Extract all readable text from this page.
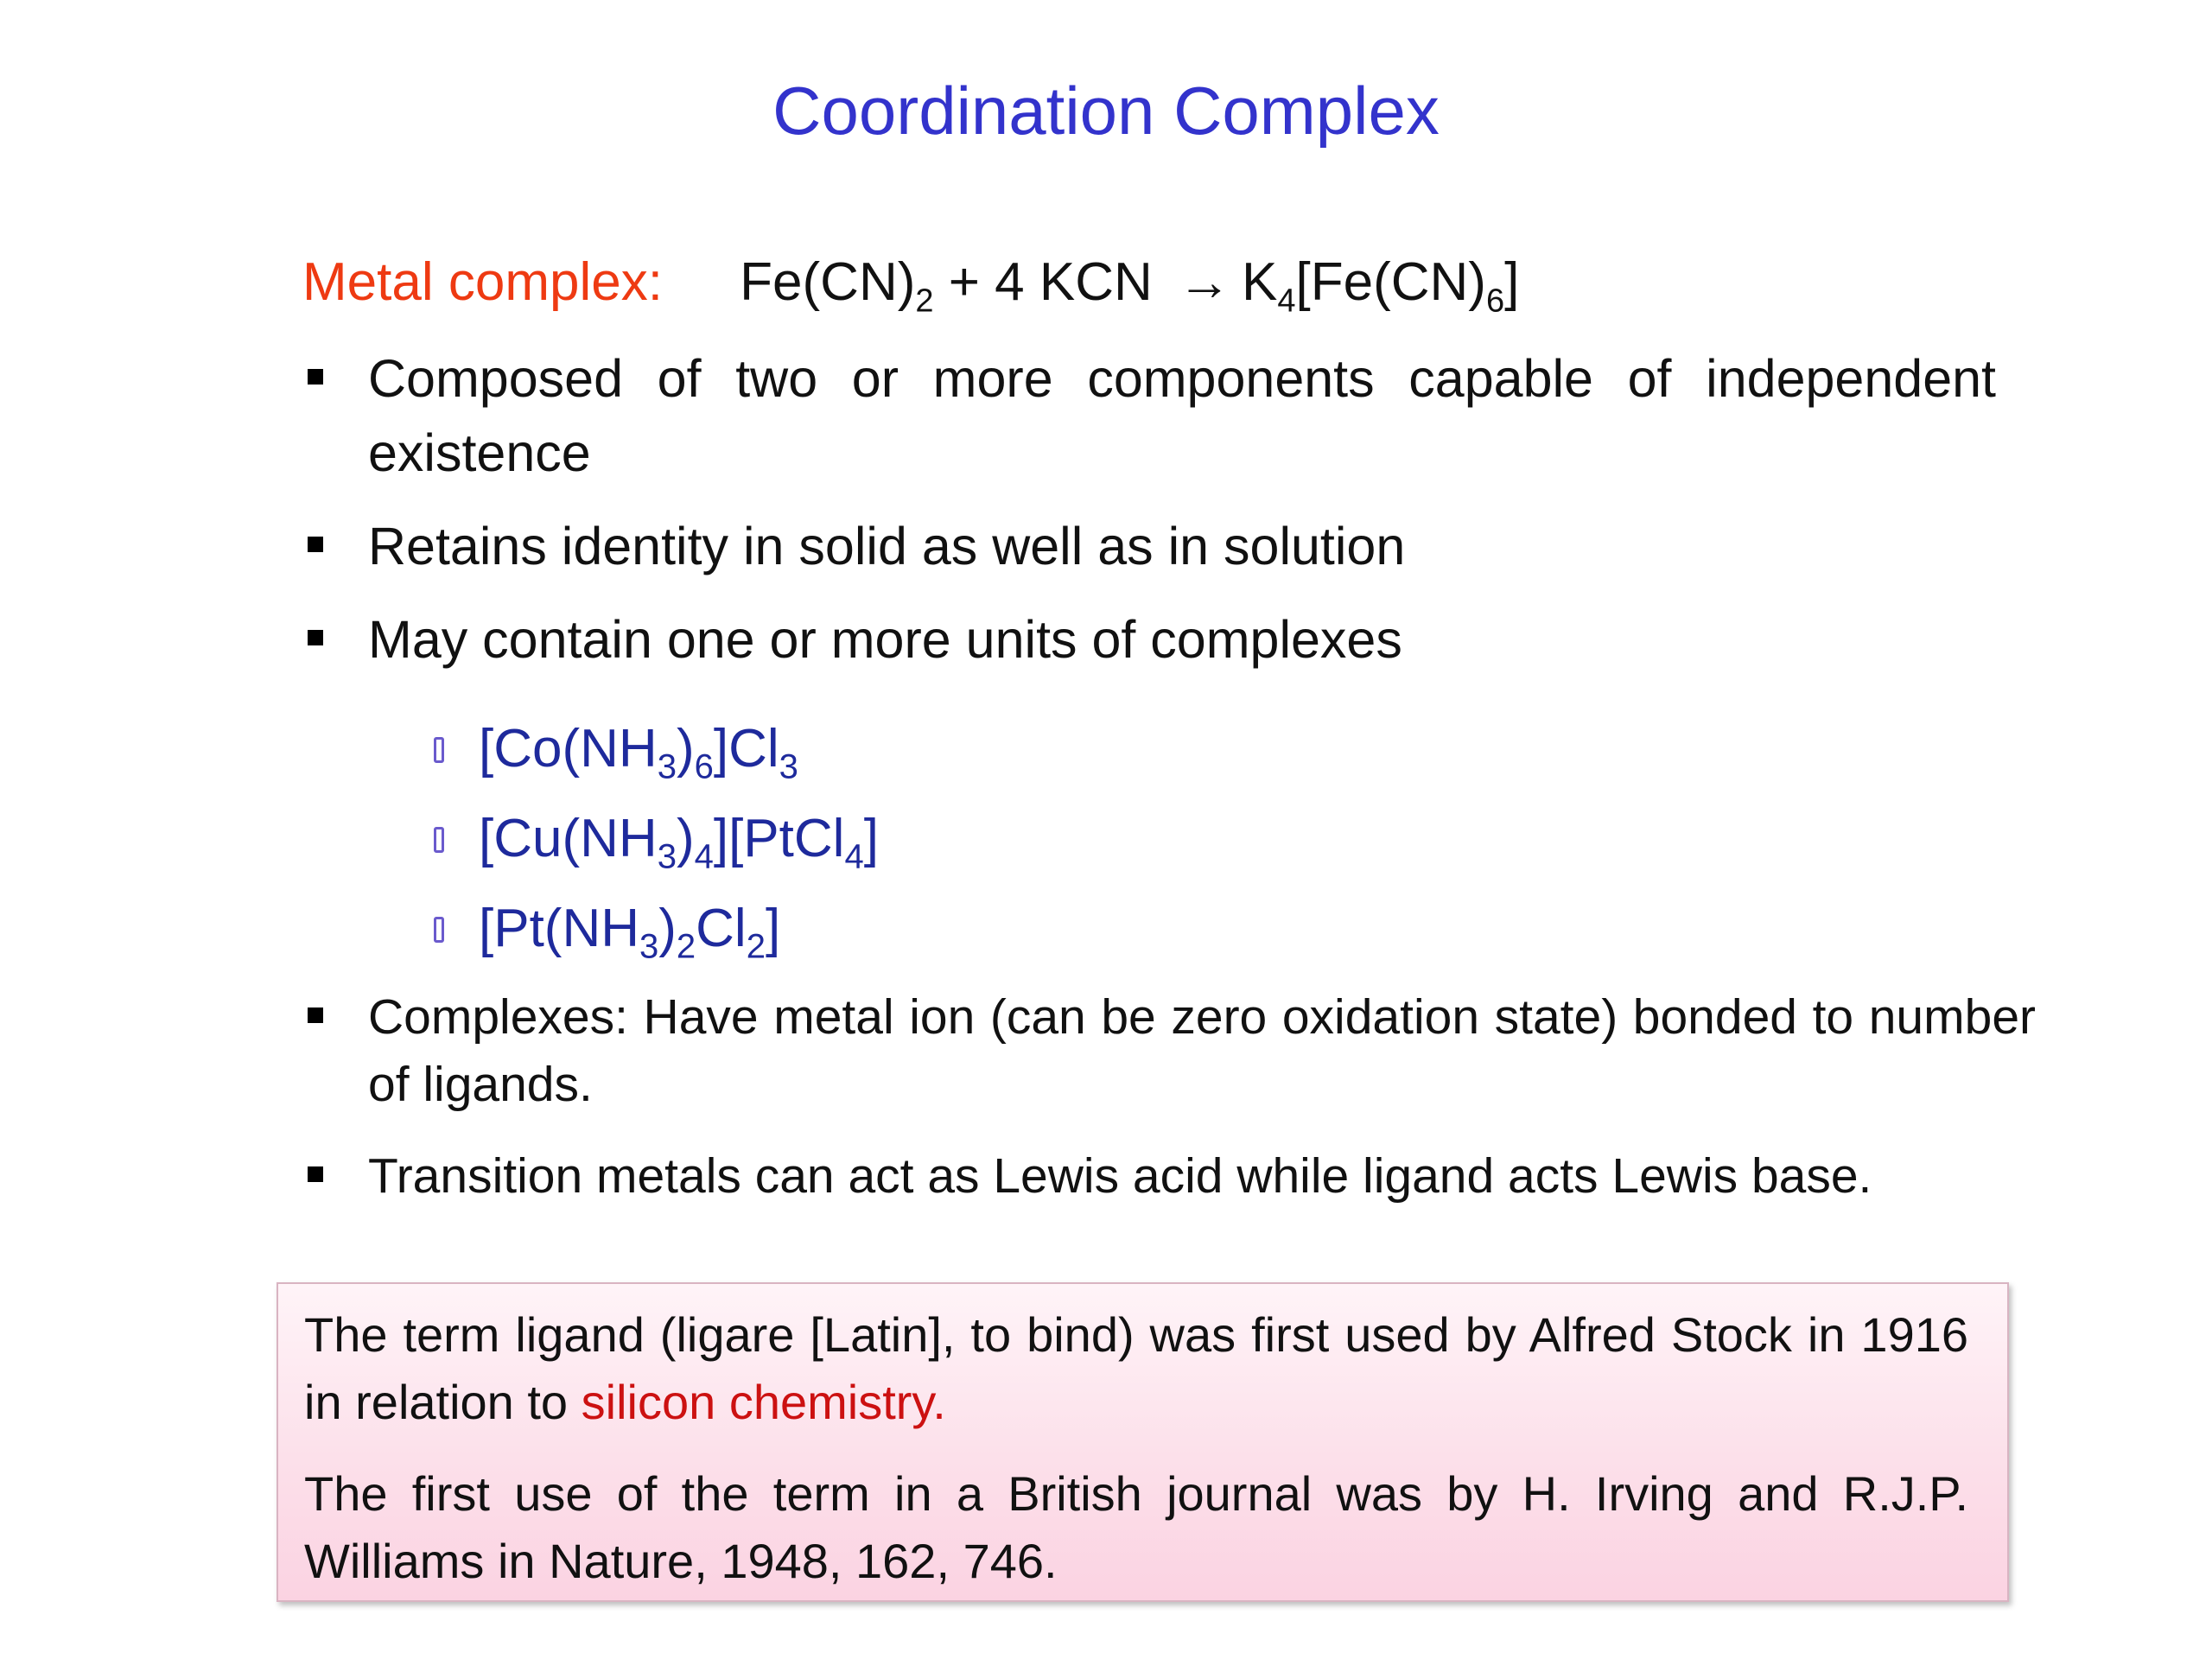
Coordination Complex
Metal complex: $Fe(CN)_2 + 4$ KCN → $K_4[Fe(CN)_6]$
Composed of two or more components capable of independent existence
Retains identity in solid as well as in solution
May contain one or more units of complexes
$[Co(NH_3)_6]Cl_3$
$[Cu(NH_3)_4][PtCl_4]$
$[Pt(NH_3)_2Cl_2]$
Complexes: Have metal ion (can be zero oxidation state) bonded to number of ligands.
Transition metals can act as Lewis acid while ligand acts Lewis base.

The term ligand (ligare [Latin], to bind) was first used by Alfred Stock in 1916 in relation to silicon chemistry.

The first use of the term in a British journal was by H. Irving and R.J.P. Williams in Nature, 1948, 162, 746.
